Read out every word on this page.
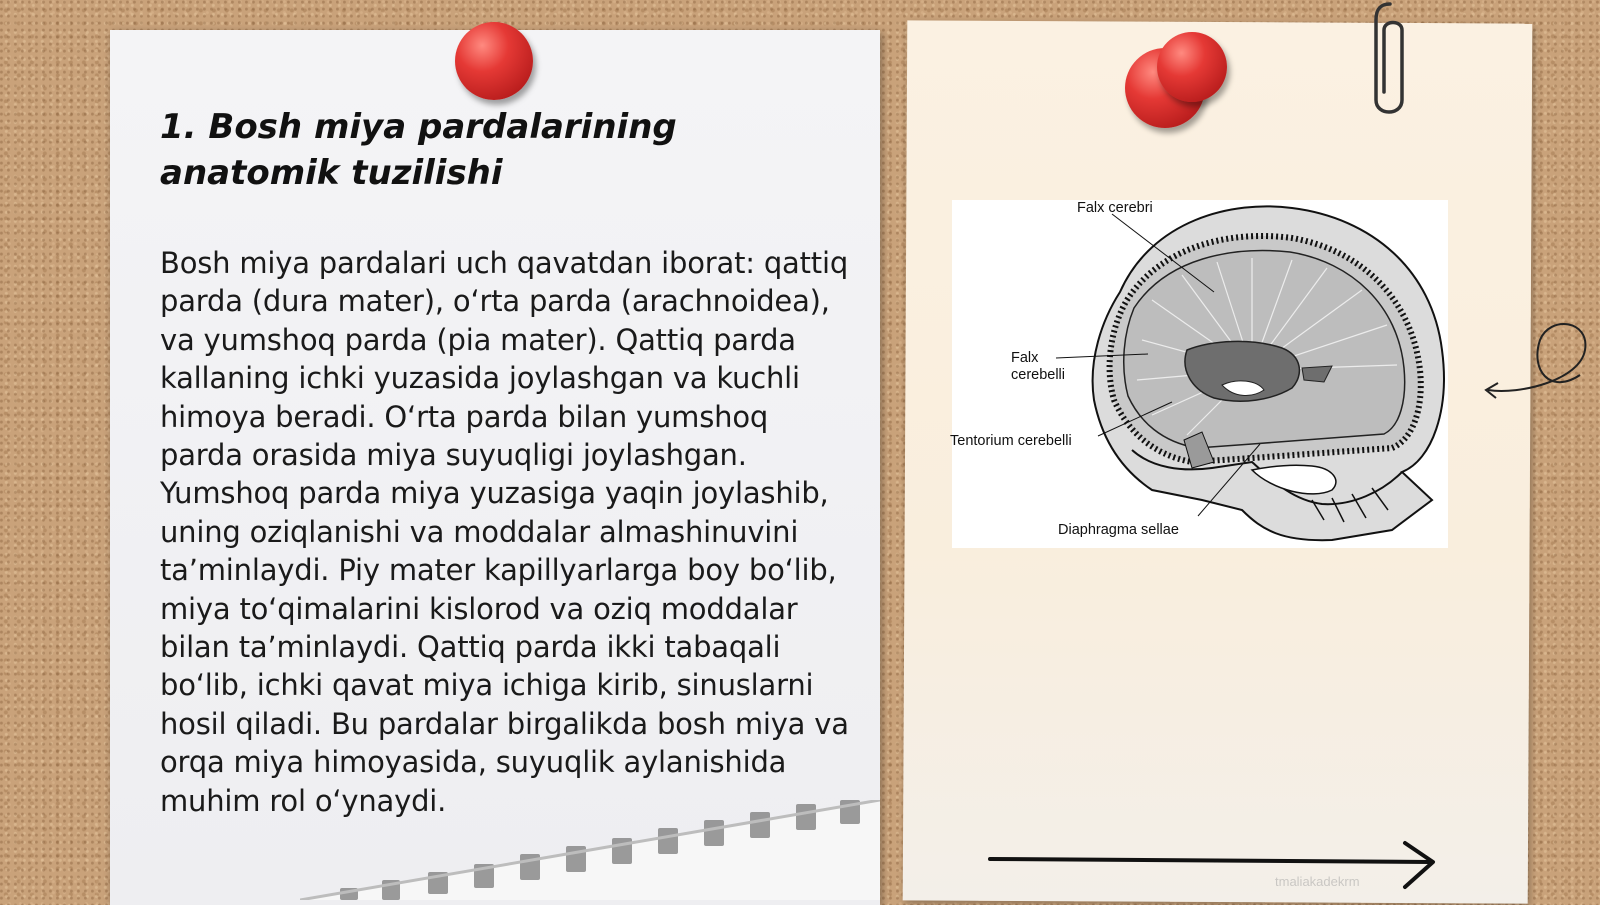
1. Bosh miya pardalarining anatomik tuzilishi

Bosh miya pardalari uch qavatdan iborat: qattiq parda (dura mater), o‘rta parda (arachnoidea), va yumshoq parda (pia mater). Qattiq parda kallaning ichki yuzasida joylashgan va kuchli himoya beradi. O‘rta parda bilan yumshoq parda orasida miya suyuqligi joylashgan. Yumshoq parda miya yuzasiga yaqin joylashib, uning oziqlanishi va moddalar almashinuvini ta’minlaydi. Piy mater kapillyarlarga boy bo‘lib, miya to‘qimalarini kislorod va oziq moddalar bilan ta’minlaydi. Qattiq parda ikki tabaqali bo‘lib, ichki qavat miya ichiga kirib, sinuslarni hosil qiladi. Bu pardalar birgalikda bosh miya va orqa miya himoyasida, suyuqlik aylanishida muhim rol o‘ynaydi.

Falx cerebri
Falx
cerebelli
Tentorium cerebelli
Diaphragma sellae
tmaliakadekrm
